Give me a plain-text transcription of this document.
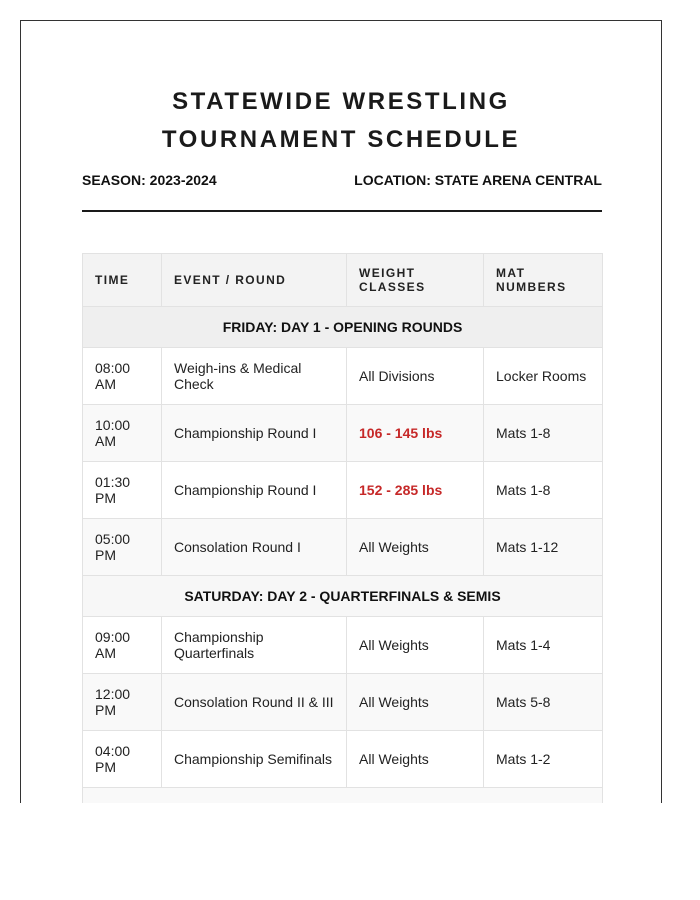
STATEWIDE WRESTLING
TOURNAMENT SCHEDULE
SEASON: 2023-2024	LOCATION: STATE ARENA CENTRAL
TIME	EVENT / ROUND	WEIGHT CLASSES	MAT NUMBERS
FRIDAY: DAY 1 - OPENING ROUNDS			
08:00 AM	Weigh-ins & Medical Check	All Divisions	Locker Rooms
10:00 AM	Championship Round I	106 - 145 lbs	Mats 1-8
01:30 PM	Championship Round I	152 - 285 lbs	Mats 1-8
05:00 PM	Consolation Round I	All Weights	Mats 1-12
SATURDAY: DAY 2 - QUARTERFINALS & SEMIS			
09:00 AM	Championship Quarterfinals	All Weights	Mats 1-4
12:00 PM	Consolation Round II & III	All Weights	Mats 5-8
04:00 PM	Championship Semifinals	All Weights	Mats 1-2
